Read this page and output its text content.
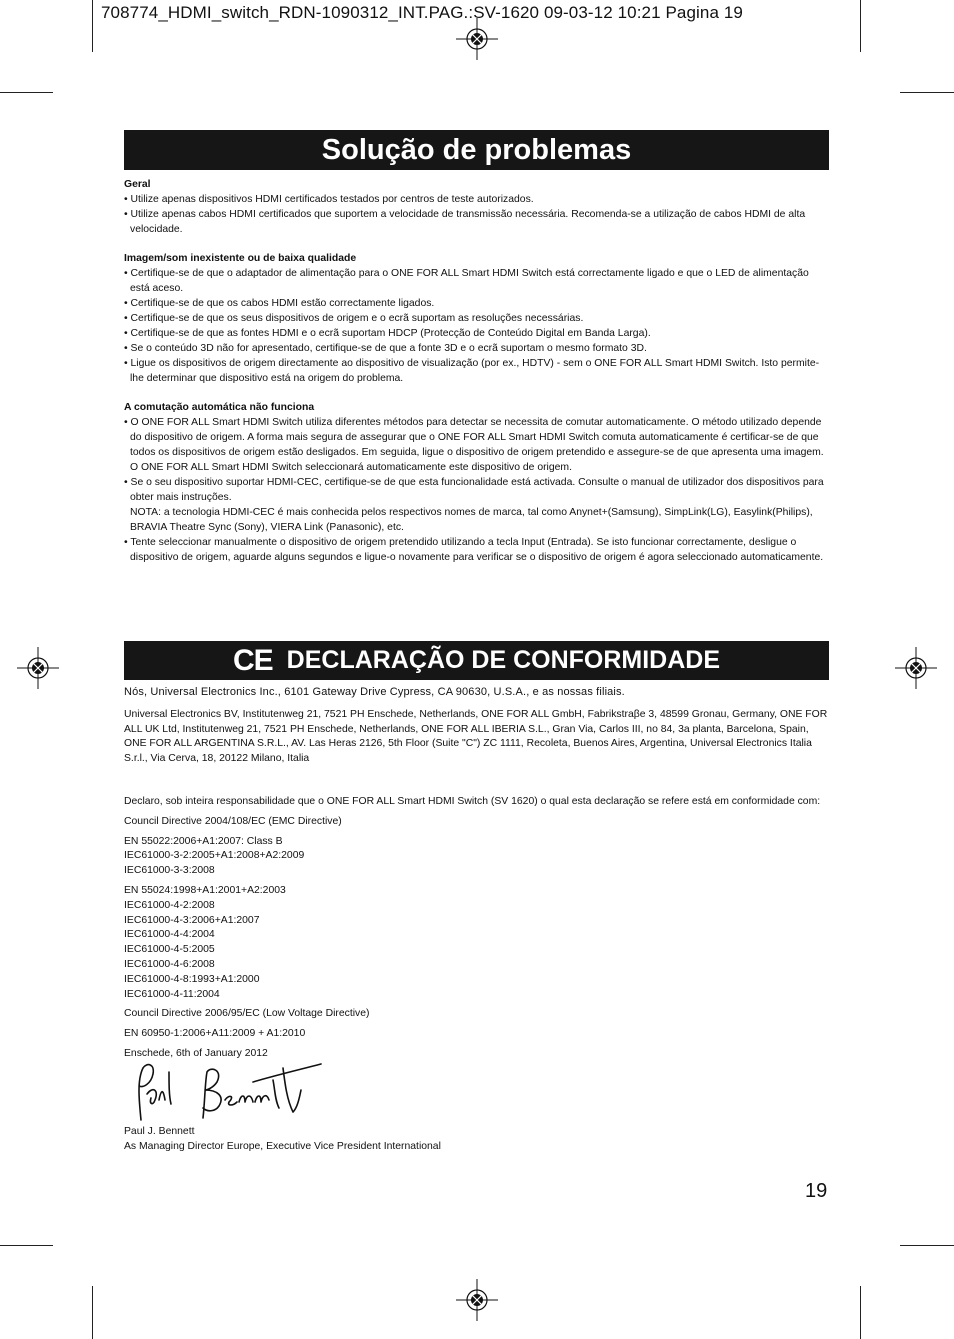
708774_HDMI_switch_RDN-1090312_INT.PAG.:SV-1620 09-03-12 10:21 Pagina 19
Solução de problemas

Geral

• Utilize apenas dispositivos HDMI certificados testados por centros de teste autorizados.
• Utilize apenas cabos HDMI certificados que suportem a velocidade de transmissão necessária. Recomenda-se a utilização de cabos HDMI de alta velocidade.

Imagem/som inexistente ou de baixa qualidade

• Certifique-se de que o adaptador de alimentação para o ONE FOR ALL Smart HDMI Switch está correctamente ligado e que o LED de alimentação está aceso.
• Certifique-se de que os cabos HDMI estão correctamente ligados.
• Certifique-se de que os seus dispositivos de origem e o ecrã suportam as resoluções necessárias.
• Certifique-se de que as fontes HDMI e o ecrã suportam HDCP (Protecção de Conteúdo Digital em Banda Larga).
• Se o conteúdo 3D não for apresentado, certifique-se de que a fonte 3D e o ecrã suportam o mesmo formato 3D.
• Ligue os dispositivos de origem directamente ao dispositivo de visualização (por ex., HDTV) - sem o ONE FOR ALL Smart HDMI Switch. Isto permite-lhe determinar que dispositivo está na origem do problema.

A comutação automática não funciona

• O ONE FOR ALL Smart HDMI Switch utiliza diferentes métodos para detectar se necessita de comutar automaticamente. O método utilizado depende do dispositivo de origem. A forma mais segura de assegurar que o ONE FOR ALL Smart HDMI Switch comuta automaticamente é certificar-se de que todos os dispositivos de origem estão desligados. Em seguida, ligue o dispositivo de origem pretendido e assegure-se de que apresenta uma imagem. O ONE FOR ALL Smart HDMI Switch seleccionará automaticamente este dispositivo de origem.
• Se o seu dispositivo suportar HDMI-CEC, certifique-se de que esta funcionalidade está activada. Consulte o manual de utilizador dos dispositivos para obter mais instruções.
NOTA: a tecnologia HDMI-CEC é mais conhecida pelos respectivos nomes de marca, tal como Anynet+(Samsung), SimpLink(LG), Easylink(Philips), BRAVIA Theatre Sync (Sony), VIERA Link (Panasonic), etc.
• Tente seleccionar manualmente o dispositivo de origem pretendido utilizando a tecla Input (Entrada). Se isto funcionar correctamente, desligue o dispositivo de origem, aguarde alguns segundos e ligue-o novamente para verificar se o dispositivo de origem é agora seleccionado automaticamente.
CE DECLARAÇÃO DE CONFORMIDADE

Nós, Universal Electronics Inc., 6101 Gateway Drive Cypress, CA 90630, U.S.A., e as nossas filiais.

Universal Electronics BV, Institutenweg 21, 7521 PH Enschede, Netherlands, ONE FOR ALL GmbH, Fabrikstraβe 3, 48599 Gronau, Germany, ONE FOR ALL UK Ltd, Institutenweg 21, 7521 PH Enschede, Netherlands, ONE FOR ALL IBERIA S.L., Gran Via, Carlos III, no 84, 3a planta, Barcelona, Spain, ONE FOR ALL ARGENTINA S.R.L., AV. Las Heras 2126, 5th Floor (Suite "C") ZC 1111, Recoleta, Buenos Aires, Argentina, Universal Electronics Italia S.r.l., Via Cerva, 18, 20122 Milano, Italia

Declaro, sob inteira responsabilidade que o ONE FOR ALL Smart HDMI Switch (SV 1620) o qual esta declaração se refere está em conformidade com:

Council Directive 2004/108/EC (EMC Directive)

EN 55022:2006+A1:2007: Class B

IEC61000-3-2:2005+A1:2008+A2:2009

IEC61000-3-3:2008

EN 55024:1998+A1:2001+A2:2003

IEC61000-4-2:2008

IEC61000-4-3:2006+A1:2007

IEC61000-4-4:2004

IEC61000-4-5:2005

IEC61000-4-6:2008

IEC61000-4-8:1993+A1:2000

IEC61000-4-11:2004

Council Directive 2006/95/EC (Low Voltage Directive)

EN 60950-1:2006+A11:2009 + A1:2010

Enschede, 6th of January 2012

Paul J. Bennett
As Managing Director Europe, Executive Vice President International
19
